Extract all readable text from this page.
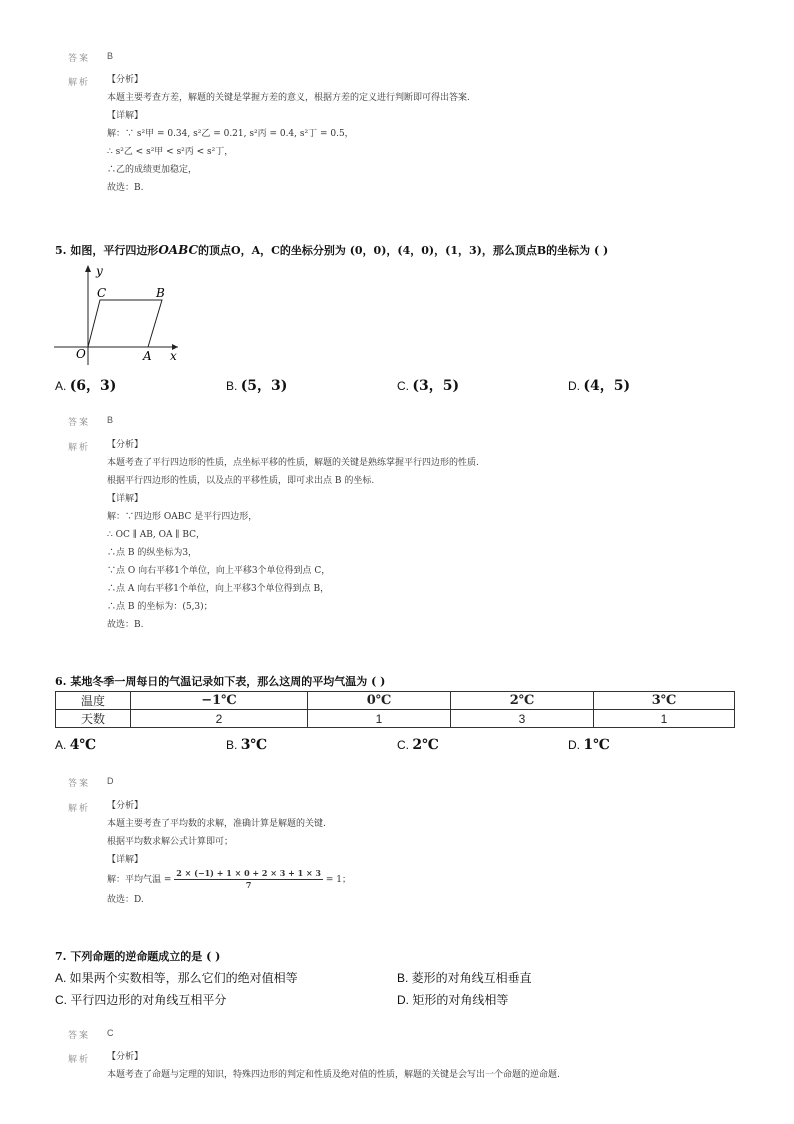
答案 B
解析 【分析】
本题主要考查方差，解题的关键是掌握方差的意义，根据方差的定义进行判断即可得出答案.
【详解】
解：∵ s²甲 = 0.34, s²乙 = 0.21, s²丙 = 0.4, s²丁 = 0.5，
∴ s²乙 < s²甲 < s²丙 < s²丁，
∴乙的成绩更加稳定，
故选：B.
5. 如图，平行四边形OABC的顶点O，A，C的坐标分别为 (0，0)，(4，0)，(1，3)，那么顶点B的坐标为 ( )
y
x
O	A
B
C
A. (6，3)	B. (5，3)	C. (3，5)	D. (4，5)
答案 B
解析 【分析】
本题考查了平行四边形的性质，点坐标平移的性质，解题的关键是熟练掌握平行四边形的性质.
根据平行四边形的性质，以及点的平移性质，即可求出点 B 的坐标.
【详解】
解：∵四边形 OABC 是平行四边形，
∴ OC ∥ AB, OA ∥ BC，
∴点 B 的纵坐标为3，
∵点 O 向右平移1个单位，向上平移3个单位得到点 C，
∴点 A 向右平移1个单位，向上平移3个单位得到点 B，
∴点 B 的坐标为：(5,3)；
故选：B.
6. 某地冬季一周每日的气温记录如下表，那么这周的平均气温为 ( )
温度	−1℃	0℃	2℃	3℃
天数	2	1	3	1
A. 4℃	B. 3℃	C. 2℃	D. 1℃
答案 D
解析 【分析】
本题主要考查了平均数的求解，准确计算是解题的关键.
根据平均数求解公式计算即可；
【详解】
解：平均气温 = $\frac{2 \times (-1) + 1 \times 0 + 2 \times 3 + 1 \times 3}{7} = 1$；
故选：D.
7. 下列命题的逆命题成立的是 ( )
A. 如果两个实数相等，那么它们的绝对值相等	B. 菱形的对角线互相垂直
C. 平行四边形的对角线互相平分	D. 矩形的对角线相等
答案 C
解析 【分析】
本题考查了命题与定理的知识，特殊四边形的判定和性质及绝对值的性质，解题的关键是会写出一个命题的逆命题.
